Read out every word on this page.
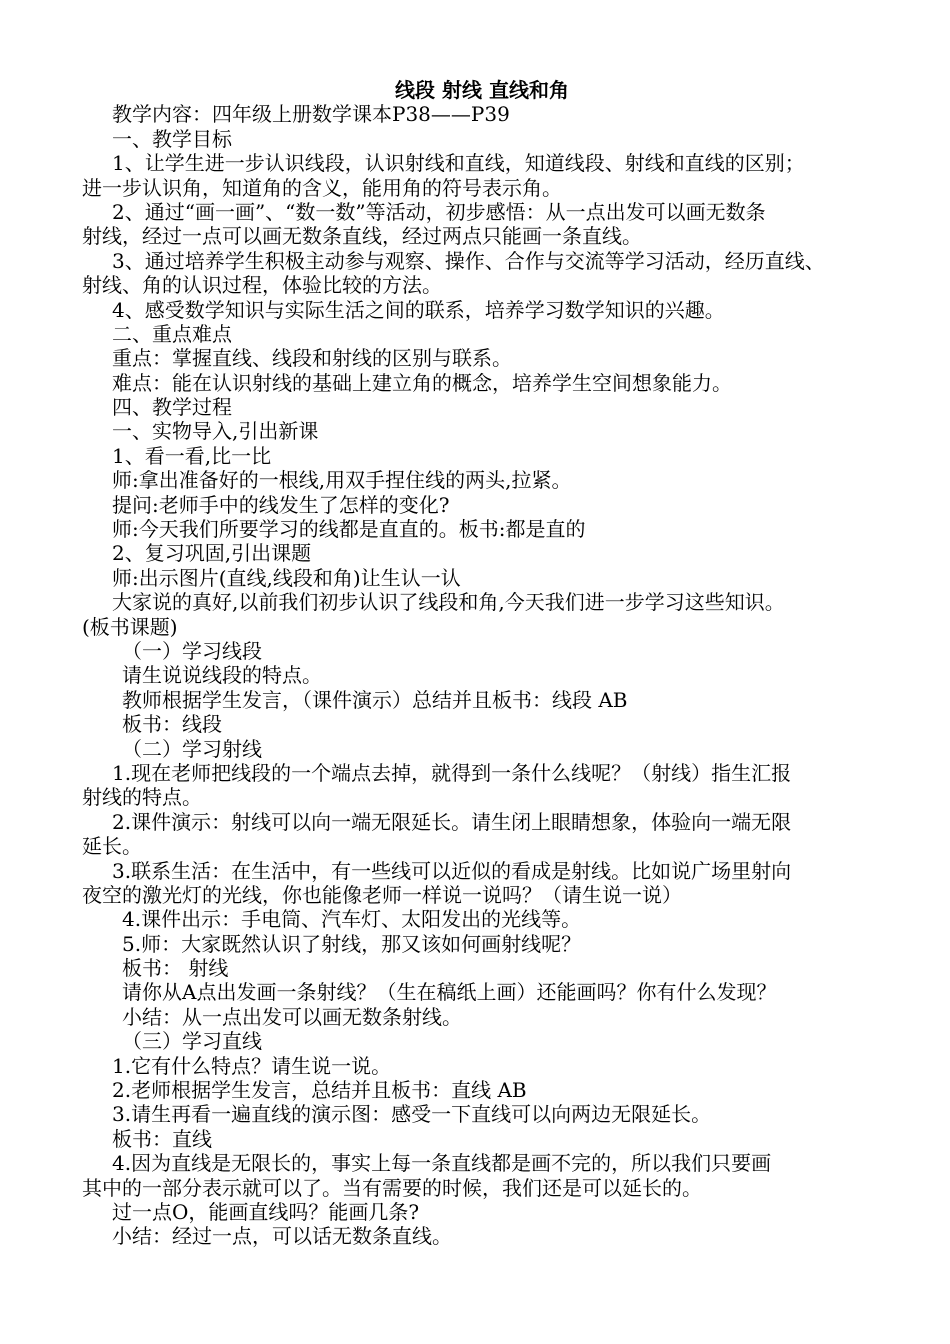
线段 射线 直线和角
教学内容：四年级上册数学课本P38——P39
一、教学目标
1、让学生进一步认识线段，认识射线和直线，知道线段、射线和直线的区别；
进一步认识角，知道角的含义，能用角的符号表示角。
2、通过“画一画”、“数一数”等活动，初步感悟：从一点出发可以画无数条
射线，经过一点可以画无数条直线，经过两点只能画一条直线。
3、通过培养学生积极主动参与观察、操作、合作与交流等学习活动，经历直线、
射线、角的认识过程，体验比较的方法。
4、感受数学知识与实际生活之间的联系，培养学习数学知识的兴趣。
二、重点难点
重点：掌握直线、线段和射线的区别与联系。
难点：能在认识射线的基础上建立角的概念，培养学生空间想象能力。
四、教学过程
一、实物导入,引出新课
1、看一看,比一比
师:拿出准备好的一根线,用双手捏住线的两头,拉紧。
提问:老师手中的线发生了怎样的变化?
师:今天我们所要学习的线都是直直的。板书:都是直的
2、复习巩固,引出课题
师:出示图片(直线,线段和角)让生认一认
大家说的真好,以前我们初步认识了线段和角,今天我们进一步学习这些知识。
(板书课题)
（一）学习线段
请生说说线段的特点。
教师根据学生发言，（课件演示）总结并且板书：线段 AB
板书：线段
（二）学习射线
1.现在老师把线段的一个端点去掉，就得到一条什么线呢？（射线）指生汇报
射线的特点。
2.课件演示：射线可以向一端无限延长。请生闭上眼睛想象，体验向一端无限
延长。
3.联系生活：在生活中，有一些线可以近似的看成是射线。比如说广场里射向
夜空的激光灯的光线，你也能像老师一样说一说吗？（请生说一说）
4.课件出示：手电筒、汽车灯、太阳发出的光线等。
5.师：大家既然认识了射线，那又该如何画射线呢？
板书： 射线
请你从A点出发画一条射线？（生在稿纸上画）还能画吗？你有什么发现？
小结：从一点出发可以画无数条射线。
（三）学习直线
1.它有什么特点？请生说一说。
2.老师根据学生发言，总结并且板书：直线 AB
3.请生再看一遍直线的演示图：感受一下直线可以向两边无限延长。
板书：直线
4.因为直线是无限长的，事实上每一条直线都是画不完的，所以我们只要画
其中的一部分表示就可以了。当有需要的时候，我们还是可以延长的。
过一点O，能画直线吗？能画几条?
小结：经过一点，可以话无数条直线。
